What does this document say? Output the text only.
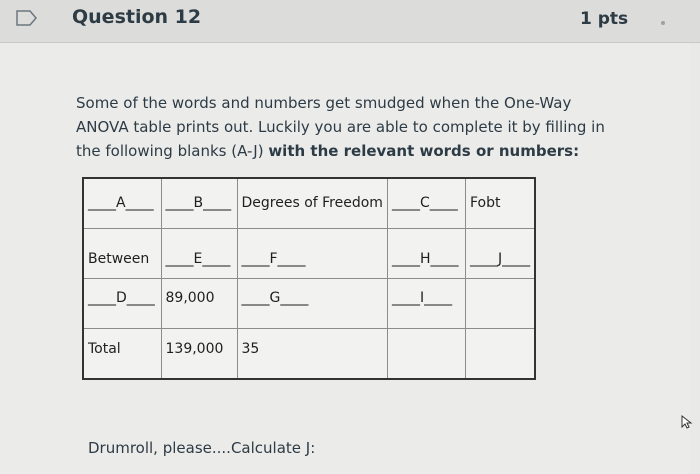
Question 12	1 pts
Some of the words and numbers get smudged when the One-Way ANOVA table prints out. Luckily you are able to complete it by filling in the following blanks (A-J) with the relevant words or numbers:
____A____	____B____	Degrees of Freedom	____C____	Fobt
Between	____E____	____F____	____H____	____J____
____D____	89,000	____G____	____I____	
Total	139,000	35		
Drumroll, please....Calculate J:
